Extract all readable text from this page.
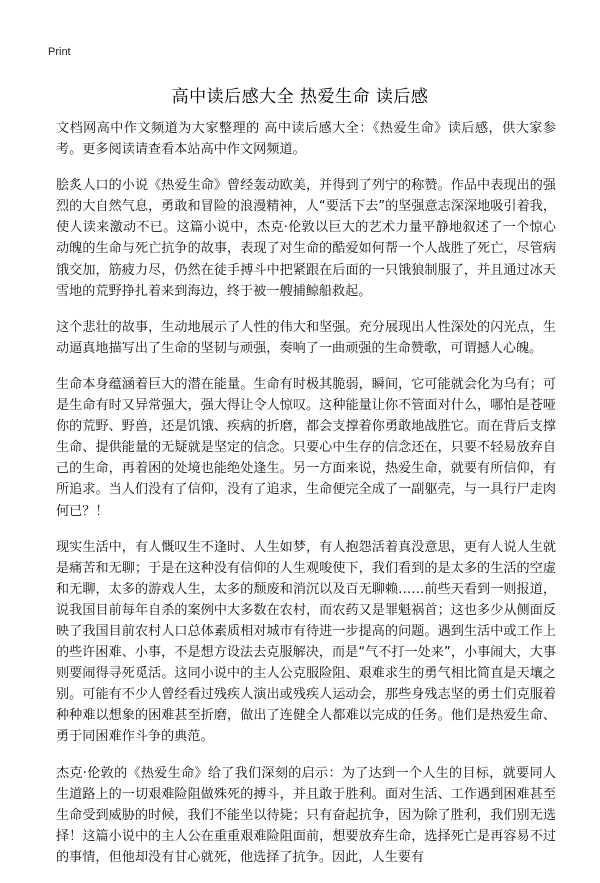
Print
高中读后感大全 热爱生命 读后感

文档网高中作文频道为大家整理的 高中读后感大全：《热爱生命》读后感，供大家参考。更多阅读请查看本站高中作文网频道。

脍炙人口的小说《热爱生命》曾经轰动欧美，并得到了列宁的称赞。作品中表现出的强烈的大自然气息，勇敢和冒险的浪漫精神，人“要活下去”的坚强意志深深地吸引着我，使人读来激动不已。这篇小说中，杰克·伦敦以巨大的艺术力量平静地叙述了一个惊心动魄的生命与死亡抗争的故事，表现了对生命的酷爱如何帮一个人战胜了死亡，尽管病饿交加，筋疲力尽，仍然在徒手搏斗中把紧跟在后面的一只饿狼制服了，并且通过冰天雪地的荒野挣扎着来到海边，终于被一艘捕鲸船救起。

这个悲壮的故事，生动地展示了人性的伟大和坚强。充分展现出人性深处的闪光点，生动逼真地描写出了生命的坚韧与顽强，奏响了一曲顽强的生命赞歌，可谓撼人心魄。

生命本身蕴涵着巨大的潜在能量。生命有时极其脆弱，瞬间，它可能就会化为乌有；可是生命有时又异常强大，强大得让令人惊叹。这种能量让你不管面对什么，哪怕是苍哑你的荒野、野兽，还是饥饿、疾病的折磨，都会支撑着你勇敢地战胜它。而在背后支撑生命、提供能量的无疑就是坚定的信念。只要心中生存的信念还在，只要不轻易放弃自己的生命，再着困的处境也能绝处逢生。另一方面来说，热爱生命，就要有所信仰，有所追求。当人们没有了信仰，没有了追求，生命便完全成了一副躯壳，与一具行尸走肉何已？！

现实生活中，有人慨叹生不逢时、人生如梦，有人抱怨活着真没意思，更有人说人生就是痛苦和无聊；于是在这种没有信仰的人生观唆使下，我们看到的是太多的生活的空虚和无聊，太多的游戏人生，太多的颓废和消沉以及百无聊赖……前些天看到一则报道，说我国目前每年自杀的案例中大多数在农村，而农药又是罪魁祸首；这也多少从侧面反映了我国目前农村人口总体素质相对城市有待进一步提高的问题。遇到生活中或工作上的些许困难、小事，不是想方设法去克服解决，而是“气不打一处来”，小事闹大，大事则要闹得寻死觅活。这同小说中的主人公克服险阻、艰难求生的勇气相比简直是天壤之别。可能有不少人曾经看过残疾人演出或残疾人运动会，那些身残志坚的勇士们克服着种种难以想象的困难甚至折磨，做出了连健全人都难以完成的任务。他们是热爱生命、勇于同困难作斗争的典范。

杰克·伦敦的《热爱生命》给了我们深刻的启示：为了达到一个人生的目标，就要同人生道路上的一切艰难险阻做殊死的搏斗，并且敢于胜利。面对生活、工作遇到困难甚至生命受到威胁的时候，我们不能坐以待毙；只有奋起抗争，因为除了胜利，我们别无选择！这篇小说中的主人公在重重艰难险阻面前，想要放弃生命，选择死亡是再容易不过的事情，但他却没有甘心就死，他选择了抗争。因此，人生要有
